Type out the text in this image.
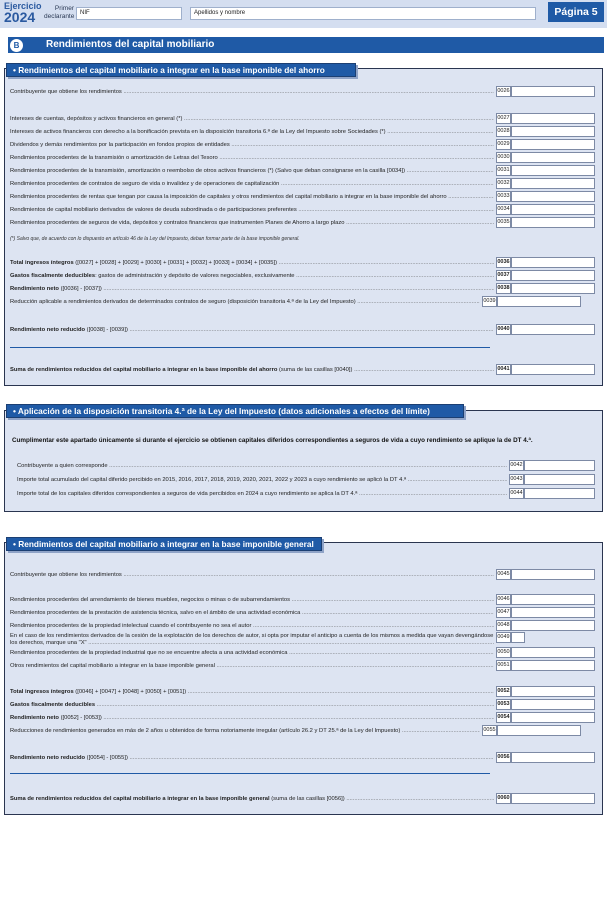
Ejercicio
2024
Primer declarante NIF	Apellidos y nombre	Página 5
B	Rendimientos del capital mobiliario
• Rendimientos del capital mobiliario a integrar en la base imponible del ahorro
Contribuyente que obtiene los rendimientos .....	0026
Intereses de cuentas, depósitos y activos financieros en general (*) .....	0027
Intereses de activos financieros con derecho a la bonificación prevista en la disposición transitoria 6.ª de la Ley del Impuesto sobre Sociedades (*) .....	0028
Dividendos y demás rendimientos por la participación en fondos propios de entidades .....	0029
Rendimientos procedentes de la transmisión o amortización de Letras del Tesoro .....	0030
Rendimientos procedentes de la transmisión, amortización o reembolso de otros activos financieros (*) (Salvo que deban consignarse en la casilla [0034]) .....	0031
Rendimientos procedentes de contratos de seguro de vida o invalidez y de operaciones de capitalización .....	0032
Rendimientos procedentes de rentas que tengan por causa la imposición de capitales y otros rendimientos del capital mobiliario a integrar en la base imponible del ahorro .....	0033
Rendimientos de capital mobiliario derivados de valores de deuda subordinada o de participaciones preferentes .....	0034
Rendimientos procedentes de seguros de vida, depósitos y contratos financieros que instrumenten Planes de Ahorro a largo plazo .....	0035
(*) Salvo que, de acuerdo con lo dispuesto en artículo 46 de la Ley del Impuesto, deban formar parte de la base imponible general.
Total ingresos íntegros ([0027] + [0028] + [0029] + [0030] + [0031] + [0032] + [0033] + [0034] + [0035]) .....	0036
Gastos fiscalmente deducibles: gastos de administración y depósito de valores negociables, exclusivamente .....	0037
Rendimiento neto ([0036] - [0037]) .....	0038
Reducción aplicable a rendimientos derivados de determinados contratos de seguro (disposición transitoria 4.ª de la Ley del Impuesto) .....	0039
Rendimiento neto reducido ([0038] - [0039]) .....	0040
Suma de rendimientos reducidos del capital mobiliario a integrar en la base imponible del ahorro (suma de las casillas [0040]) .....	0041
• Aplicación de la disposición transitoria 4.ª de la Ley del Impuesto (datos adicionales a efectos del límite)
Cumplimentar este apartado únicamente si durante el ejercicio se obtienen capitales diferidos correspondientes a seguros de vida a cuyo rendimiento se aplique la de DT 4.ª.
Contribuyente a quien corresponde .....	0042
Importe total acumulado del capital diferido percibido en 2015, 2016, 2017, 2018, 2019, 2020, 2021, 2022 y 2023 a cuyo rendimiento se aplicó la DT 4.ª .....	0043
Importe total de los capitales diferidos correspondientes a seguros de vida percibidos en 2024 a cuyo rendimiento se aplica la DT 4.ª .....	0044
• Rendimientos del capital mobiliario a integrar en la base imponible general
Contribuyente que obtiene los rendimientos .....	0045
Rendimientos procedentes del arrendamiento de bienes muebles, negocios o minas o de subarrendamientos .....	0046
Rendimientos procedentes de la prestación de asistencia técnica, salvo en el ámbito de una actividad económica .....	0047
Rendimientos procedentes de la propiedad intelectual cuando el contribuyente no sea el autor .....	0048
En el caso de los rendimientos derivados de la cesión de la explotación de los derechos de autor, si opta por imputar el anticipo a cuenta de los mismos a medida que vayan devengándose
los derechos, marque una "X" .....
0049
Rendimientos procedentes de la propiedad industrial que no se encuentre afecta a una actividad económica .....	0050
Otros rendimientos del capital mobiliario a integrar en la base imponible general .....	0051
Total ingresos íntegros ([0046] + [0047] + [0048] + [0050] + [0051]) .....	0052
Gastos fiscalmente deducibles .....	0053
Rendimiento neto ([0052] - [0053]) .....	0054
Reducciones de rendimientos generados en más de 2 años u obtenidos de forma notoriamente irregular (artículo 26.2 y DT 25.ª de la Ley del Impuesto) .....	0055
Rendimiento neto reducido ([0054] - [0055]) .....	0056
Suma de rendimientos reducidos del capital mobiliario a integrar en la base imponible general (suma de las casillas [0056]) .....	0060
